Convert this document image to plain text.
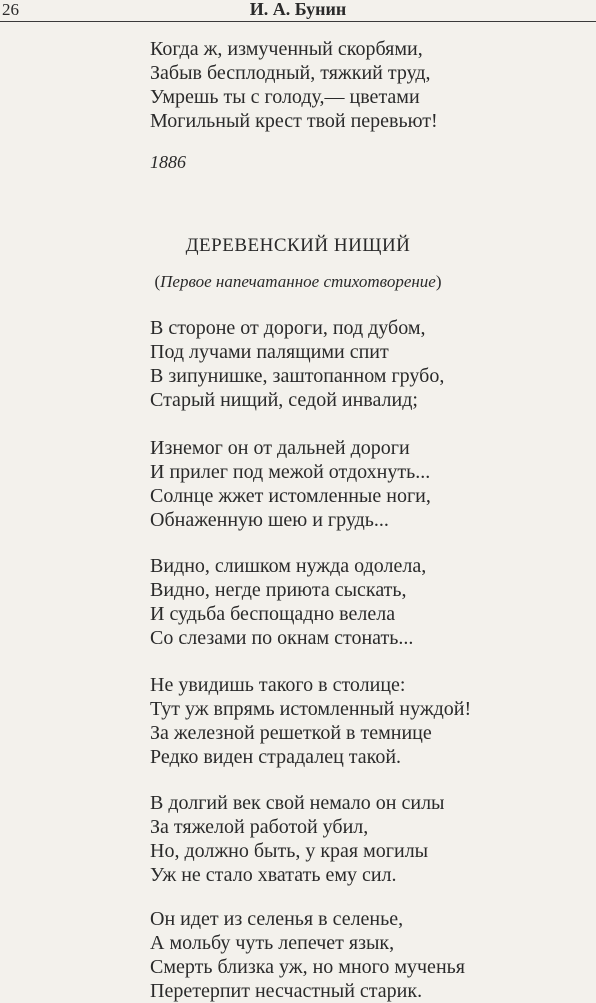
26	И. А. Бунин
Когда ж, измученный скорбями,
Забыв бесплодный, тяжкий труд,
Умрешь ты с голоду,— цветами
Могильный крест твой перевьют!
1886
ДЕРЕВЕНСКИЙ НИЩИЙ
(Первое напечатанное стихотворение)
В стороне от дороги, под дубом,
Под лучами палящими спит
В зипунишке, заштопанном грубо,
Старый нищий, седой инвалид;
Изнемог он от дальней дороги
И прилег под межой отдохнуть...
Солнце жжет истомленные ноги,
Обнаженную шею и грудь...
Видно, слишком нужда одолела,
Видно, негде приюта сыскать,
И судьба беспощадно велела
Со слезами по окнам стонать...
Не увидишь такого в столице:
Тут уж впрямь истомленный нуждой!
За железной решеткой в темнице
Редко виден страдалец такой.
В долгий век свой немало он силы
За тяжелой работой убил,
Но, должно быть, у края могилы
Уж не стало хватать ему сил.
Он идет из селенья в селенье,
А мольбу чуть лепечет язык,
Смерть близка уж, но много мученья
Перетерпит несчастный старик.
